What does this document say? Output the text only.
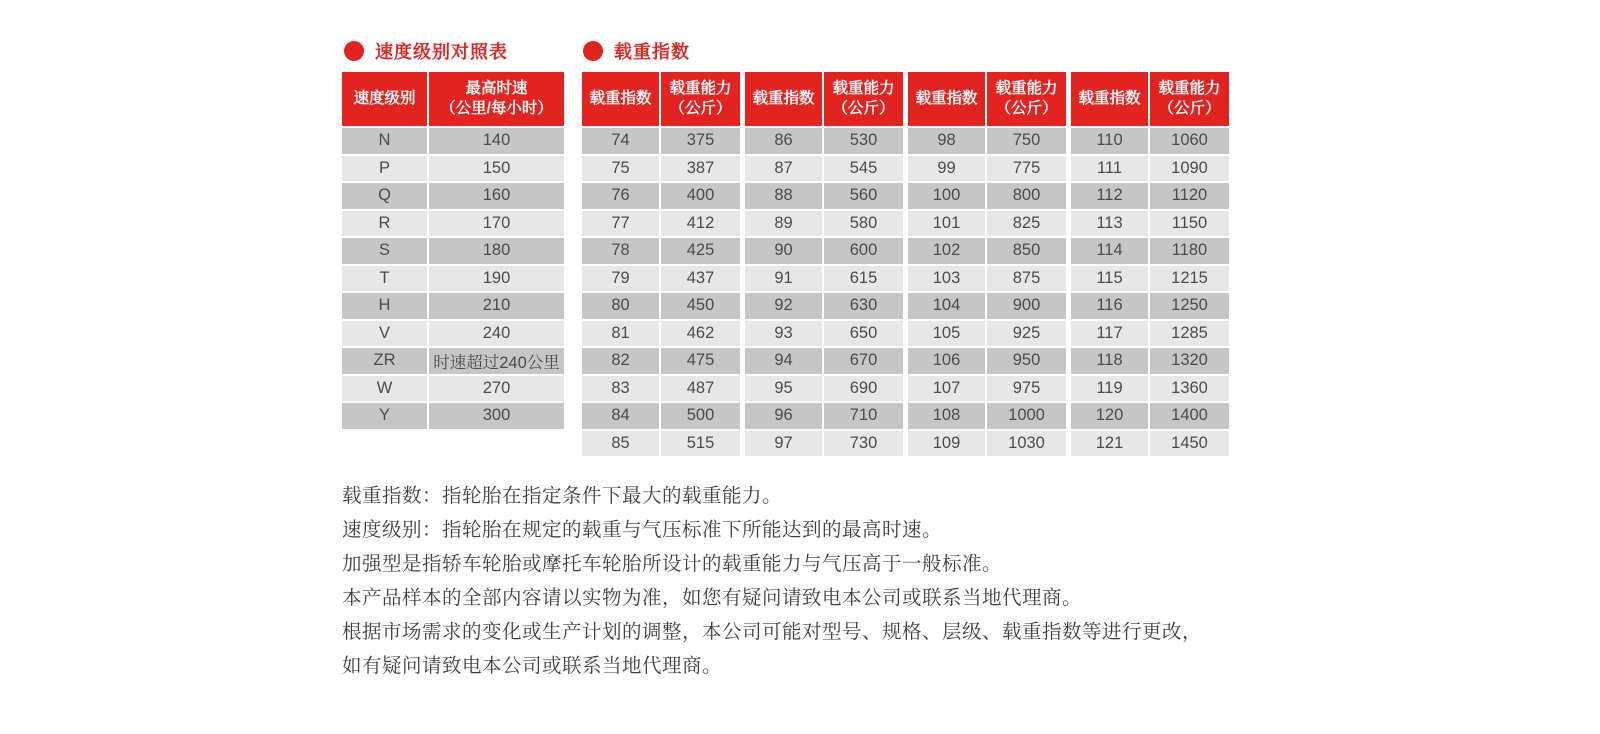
速度级别对照表
速度级别
最高时速
（公里/每小时）
N	140
P	150
Q	160
R	170
S	180
T	190
H	210
V	240
ZR	时速超过240公里
W	270
Y	300
载重指数
载重指数
载重能力
（公斤）
74	375
75	387
76	400
77	412
78	425
79	437
80	450
81	462
82	475
83	487
84	500
85	515
载重指数
载重能力
（公斤）
86	530
87	545
88	560
89	580
90	600
91	615
92	630
93	650
94	670
95	690
96	710
97	730
载重指数
载重能力
（公斤）
98	750
99	775
100	800
101	825
102	850
103	875
104	900
105	925
106	950
107	975
108	1000
109	1030
载重指数
载重能力
（公斤）
110	1060
111	1090
112	1120
113	1150
114	1180
115	1215
116	1250
117	1285
118	1320
119	1360
120	1400
121	1450
载重指数：指轮胎在指定条件下最大的载重能力。
速度级别：指轮胎在规定的载重与气压标准下所能达到的最高时速。
加强型是指轿车轮胎或摩托车轮胎所设计的载重能力与气压高于一般标准。
本产品样本的全部内容请以实物为准，如您有疑问请致电本公司或联系当地代理商。
根据市场需求的变化或生产计划的调整，本公司可能对型号、规格、层级、载重指数等进行更改，
如有疑问请致电本公司或联系当地代理商。
